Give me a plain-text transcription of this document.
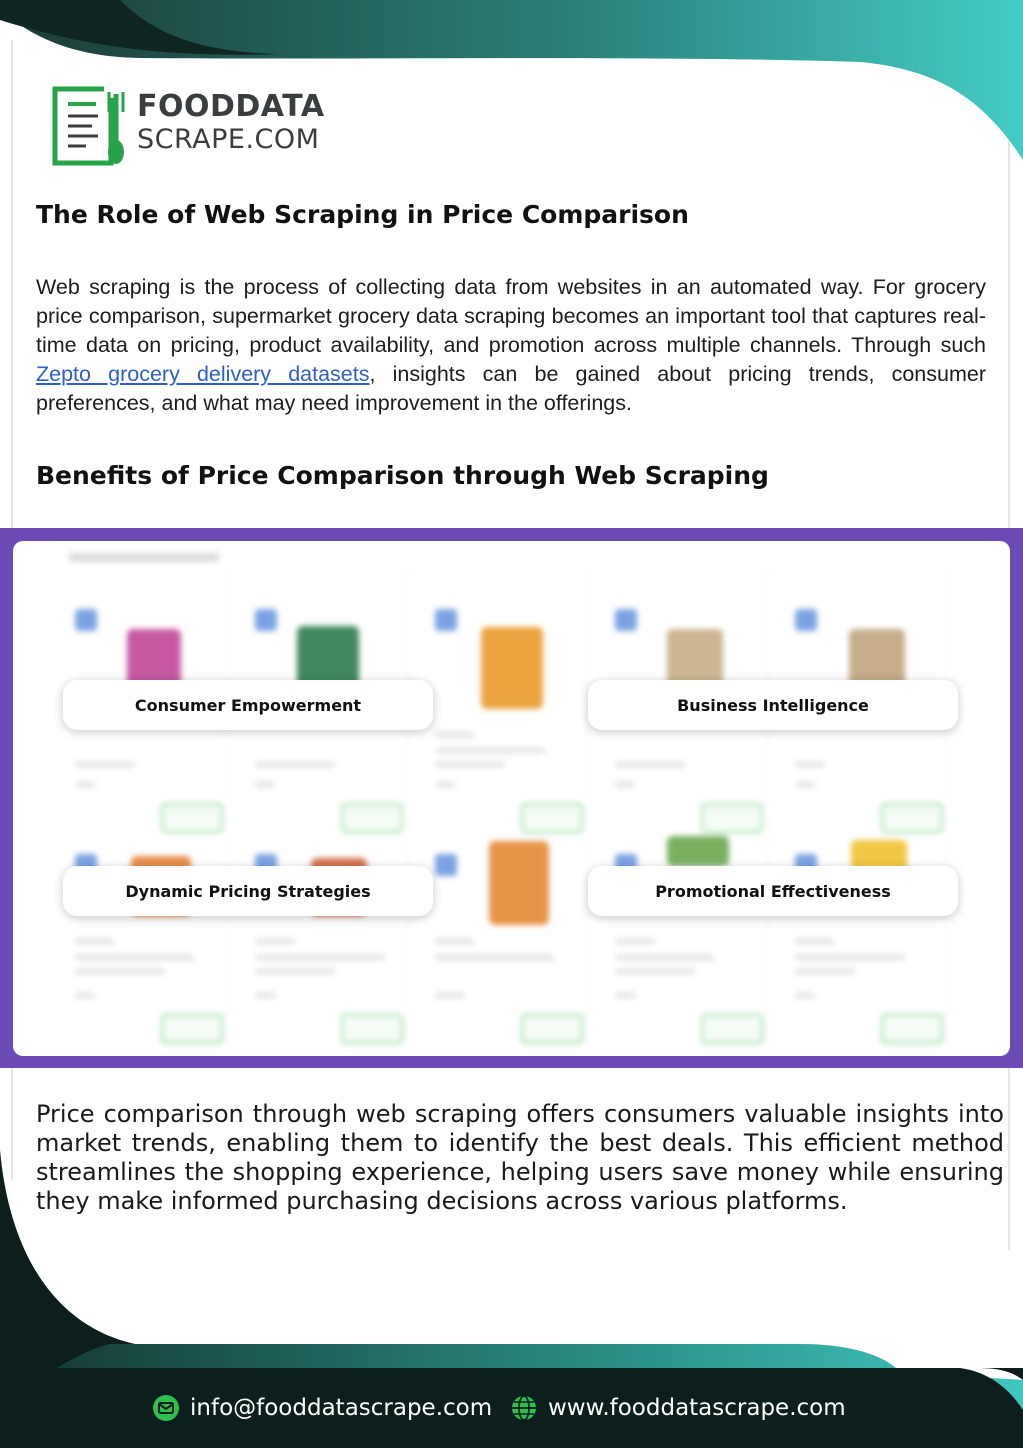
FOODDATA
SCRAPE.COM
The Role of Web Scraping in Price Comparison

Web scraping is the process of collecting data from websites in an automated way. For grocery price comparison, supermarket grocery data scraping becomes an important tool that captures real-time data on pricing, product availability, and promotion across multiple channels. Through such Zepto grocery delivery datasets, insights can be gained about pricing trends, consumer preferences, and what may need improvement in the offerings.

Benefits of Price Comparison through Web Scraping
Consumer Empowerment	Business Intelligence
Dynamic Pricing Strategies	Promotional Effectiveness

Price comparison through web scraping offers consumers valuable insights into market trends, enabling them to identify the best deals. This efficient method streamlines the shopping experience, helping users save money while ensuring they make informed purchasing decisions across various platforms.

info@fooddatascrape.com www.fooddatascrape.com
